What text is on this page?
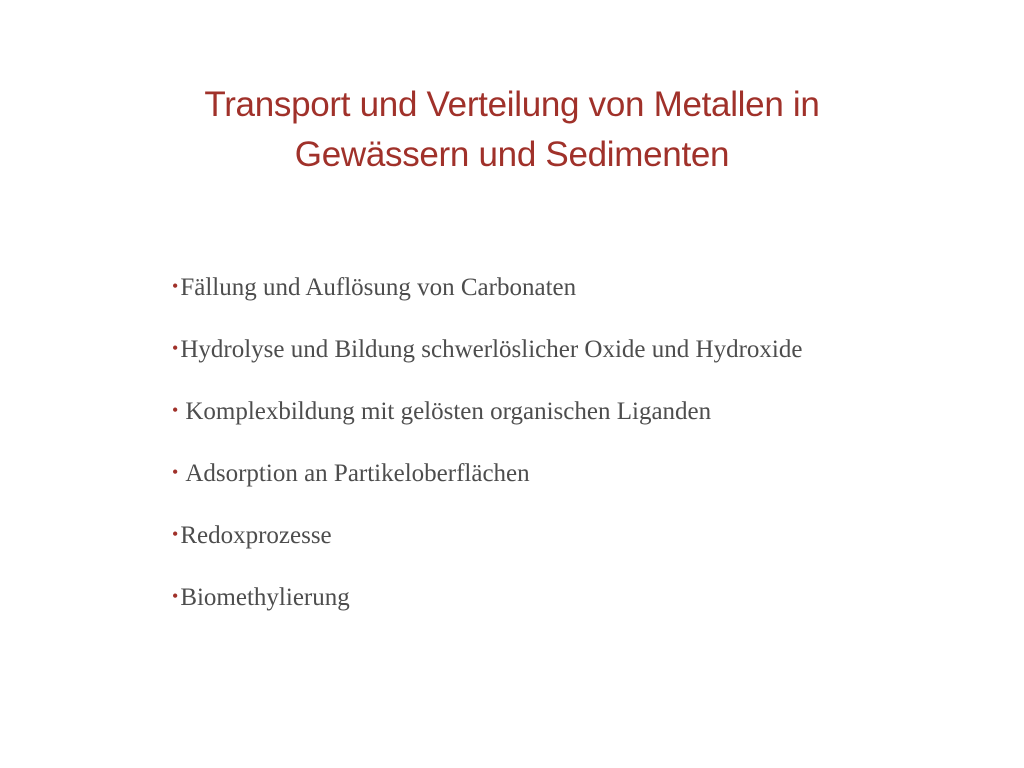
Transport und Verteilung von Metallen in
Gewässern und Sedimenten
•Fällung und Auflösung von Carbonaten
•Hydrolyse und Bildung schwerlöslicher Oxide und Hydroxide
• Komplexbildung mit gelösten organischen Liganden
• Adsorption an Partikeloberflächen
•Redoxprozesse
•Biomethylierung
